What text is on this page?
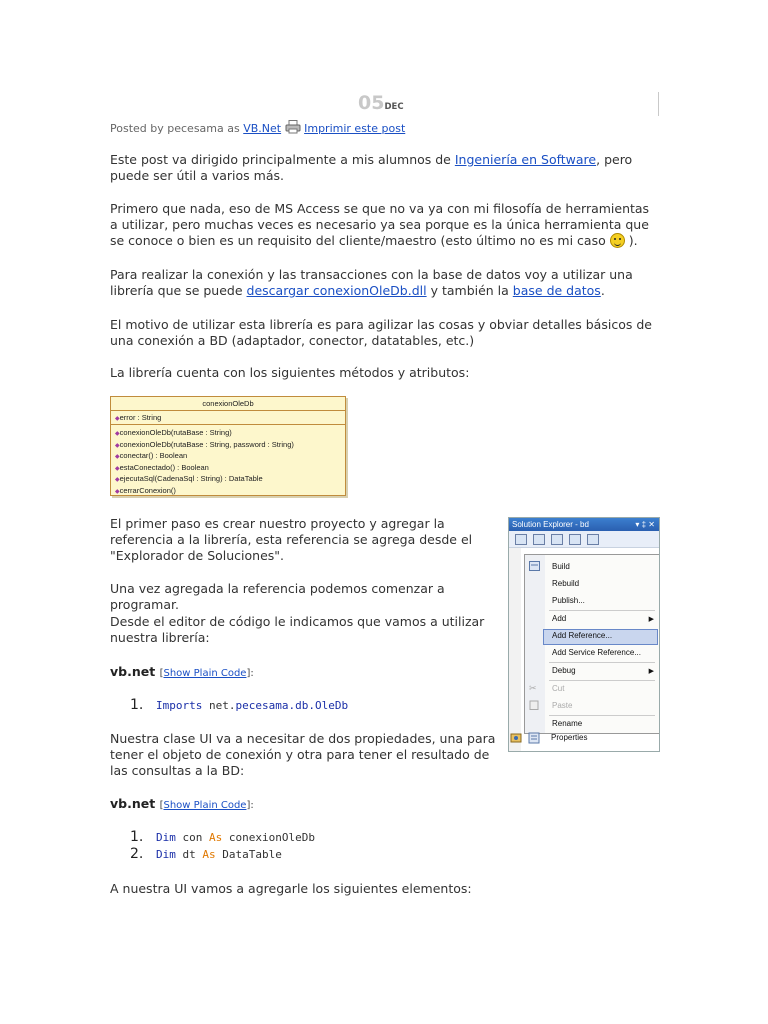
05DEC
Posted by pecesama as VB.Net Imprimir este post

Este post va dirigido principalmente a mis alumnos de Ingeniería en Software, pero puede ser útil a varios más.

Primero que nada, eso de MS Access se que no va ya con mi filosofía de herramientas a utilizar, pero muchas veces es necesario ya sea porque es la única herramienta que se conoce o bien es un requisito del cliente/maestro (esto último no es mi caso  ).

Para realizar la conexión y las transacciones con la base de datos voy a utilizar una librería que se puede descargar conexionOleDb.dll y también la base de datos.

El motivo de utilizar esta librería es para agilizar las cosas y obviar detalles básicos de una conexión a BD (adaptador, conector, datatables, etc.)

La librería cuenta con los siguientes métodos y atributos:

conexionOleDb
◆error : String
◆conexionOleDb(rutaBase : String)
◆conexionOleDb(rutaBase : String, password : String)
◆conectar() : Boolean
◆estaConectado() : Boolean
◆ejecutaSql(CadenaSql : String) : DataTable
◆cerrarConexion()

El primer paso es crear nuestro proyecto y agregar la referencia a la librería, esta referencia se agrega desde el "Explorador de Soluciones".

Una vez agregada la referencia podemos comenzar a programar.

Desde el editor de código le indicamos que vamos a utilizar nuestra librería:

vb.net [Show Plain Code]:
1. Imports net.pecesama.db.OleDb

Nuestra clase UI va a necesitar de dos propiedades, una para tener el objeto de conexión y otra para tener el resultado de las consultas a la BD:

vb.net [Show Plain Code]:
1. Dim con As conexionOleDb
2. Dim dt As DataTable

A nuestra UI vamos a agregarle los siguientes elementos:

Solution Explorer - bd	▾ ‡ ✕
Build
Rebuild
Publish...
Add	▶
Add Reference...
Add Service Reference...
Debug	▶
✂	Cut
Paste
Rename
Properties
